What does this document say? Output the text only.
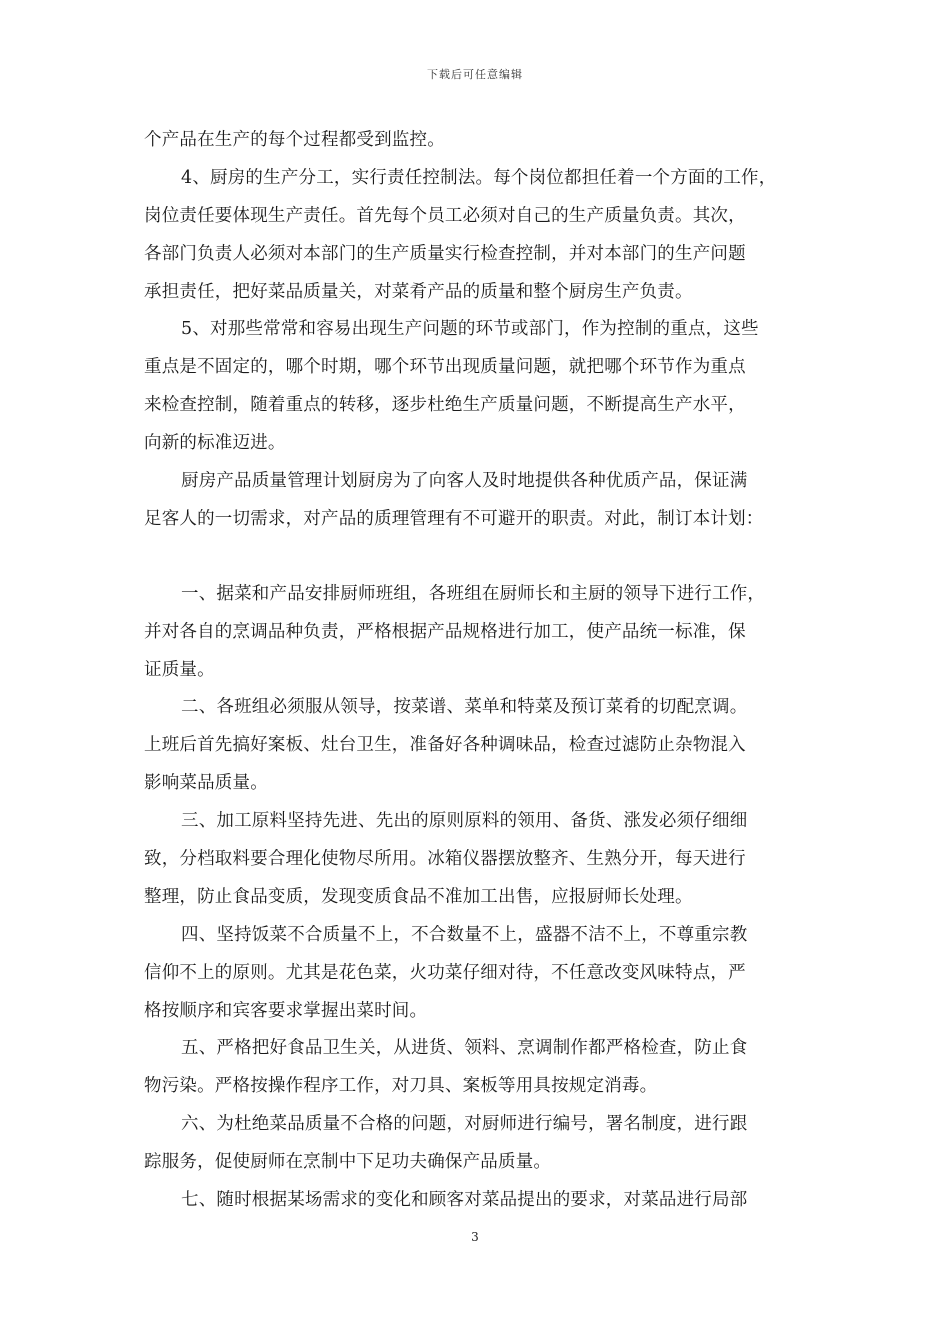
下载后可任意编辑
个产品在生产的每个过程都受到监控。
4、厨房的生产分工，实行责任控制法。每个岗位都担任着一个方面的工作，
岗位责任要体现生产责任。首先每个员工必须对自己的生产质量负责。其次，
各部门负责人必须对本部门的生产质量实行检查控制，并对本部门的生产问题
承担责任，把好菜品质量关，对菜肴产品的质量和整个厨房生产负责。
5、对那些常常和容易出现生产问题的环节或部门，作为控制的重点，这些
重点是不固定的，哪个时期，哪个环节出现质量问题，就把哪个环节作为重点
来检查控制，随着重点的转移，逐步杜绝生产质量问题，不断提高生产水平，
向新的标准迈进。
厨房产品质量管理计划厨房为了向客人及时地提供各种优质产品，保证满
足客人的一切需求，对产品的质理管理有不可避开的职责。对此，制订本计划：
一、据菜和产品安排厨师班组，各班组在厨师长和主厨的领导下进行工作，
并对各自的烹调品种负责，严格根据产品规格进行加工，使产品统一标准，保
证质量。
二、各班组必须服从领导，按菜谱、菜单和特菜及预订菜肴的切配烹调。
上班后首先搞好案板、灶台卫生，准备好各种调味品，检查过滤防止杂物混入
影响菜品质量。
三、加工原料坚持先进、先出的原则原料的领用、备货、涨发必须仔细细
致，分档取料要合理化使物尽所用。冰箱仪器摆放整齐、生熟分开，每天进行
整理，防止食品变质，发现变质食品不准加工出售，应报厨师长处理。
四、坚持饭菜不合质量不上，不合数量不上，盛器不洁不上，不尊重宗教
信仰不上的原则。尤其是花色菜，火功菜仔细对待，不任意改变风味特点，严
格按顺序和宾客要求掌握出菜时间。
五、严格把好食品卫生关，从进货、领料、烹调制作都严格检查，防止食
物污染。严格按操作程序工作，对刀具、案板等用具按规定消毒。
六、为杜绝菜品质量不合格的问题，对厨师进行编号，署名制度，进行跟
踪服务，促使厨师在烹制中下足功夫确保产品质量。
七、随时根据某场需求的变化和顾客对菜品提出的要求，对菜品进行局部
3
